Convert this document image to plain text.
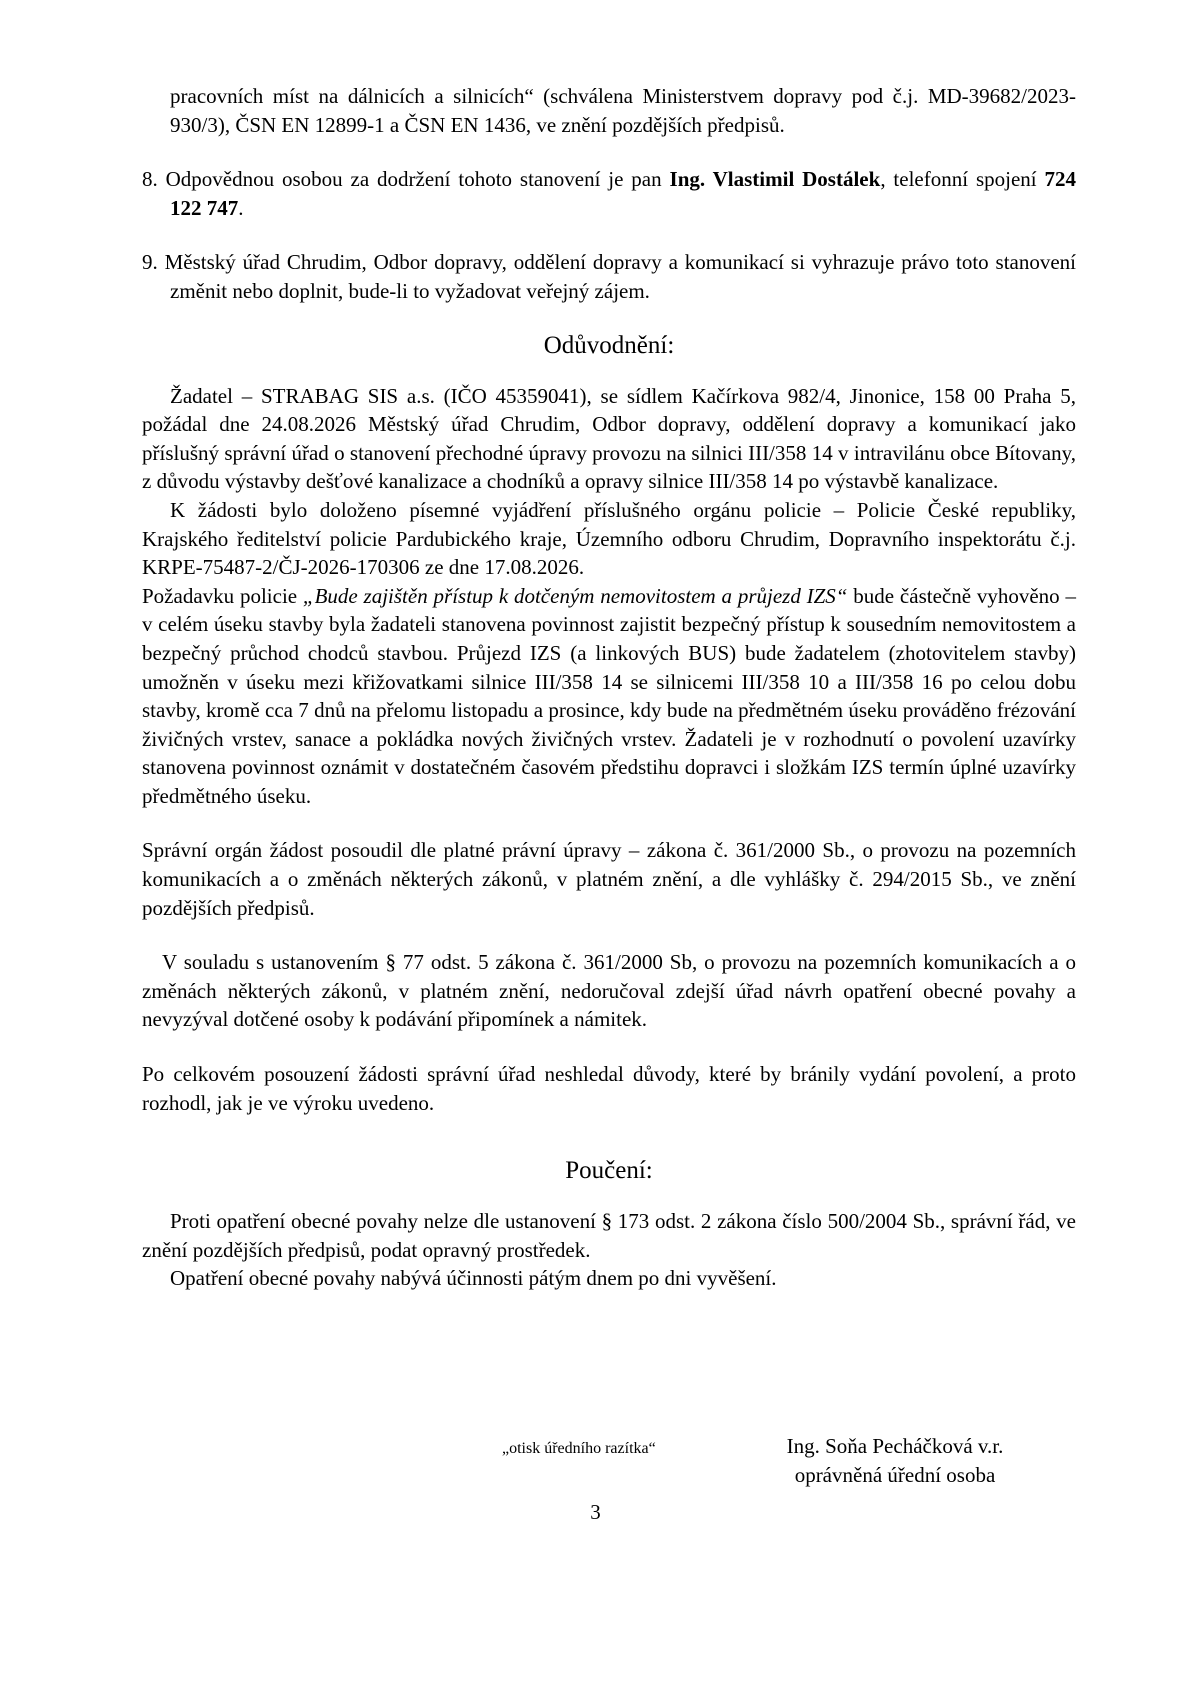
pracovních míst na dálnicích a silnicích“ (schválena Ministerstvem dopravy pod č.j. MD-39682/2023-930/3), ČSN EN 12899-1 a ČSN EN 1436, ve znění pozdějších předpisů.

8. Odpovědnou osobou za dodržení tohoto stanovení je pan Ing. Vlastimil Dostálek, telefonní spojení 724 122 747.

9. Městský úřad Chrudim, Odbor dopravy, oddělení dopravy a komunikací si vyhrazuje právo toto stanovení změnit nebo doplnit, bude-li to vyžadovat veřejný zájem.

Odůvodnění:

Žadatel – STRABAG SIS a.s. (IČO 45359041), se sídlem Kačírkova 982/4, Jinonice, 158 00 Praha 5, požádal dne 24.08.2026 Městský úřad Chrudim, Odbor dopravy, oddělení dopravy a komunikací jako příslušný správní úřad o stanovení přechodné úpravy provozu na silnici III/358 14 v intravilánu obce Bítovany, z důvodu výstavby dešťové kanalizace a chodníků a opravy silnice III/358 14 po výstavbě kanalizace.

K žádosti bylo doloženo písemné vyjádření příslušného orgánu policie – Policie České republiky, Krajského ředitelství policie Pardubického kraje, Územního odboru Chrudim, Dopravního inspektorátu č.j. KRPE-75487-2/ČJ-2026-170306 ze dne 17.08.2026.

Požadavku policie „Bude zajištěn přístup k dotčeným nemovitostem a průjezd IZS“ bude částečně vyhověno – v celém úseku stavby byla žadateli stanovena povinnost zajistit bezpečný přístup k sousedním nemovitostem a bezpečný průchod chodců stavbou. Průjezd IZS (a linkových BUS) bude žadatelem (zhotovitelem stavby) umožněn v úseku mezi křižovatkami silnice III/358 14 se silnicemi III/358 10 a III/358 16 po celou dobu stavby, kromě cca 7 dnů na přelomu listopadu a prosince, kdy bude na předmětném úseku prováděno frézování živičných vrstev, sanace a pokládka nových živičných vrstev. Žadateli je v rozhodnutí o povolení uzavírky stanovena povinnost oznámit v dostatečném časovém předstihu dopravci i složkám IZS termín úplné uzavírky předmětného úseku.

Správní orgán žádost posoudil dle platné právní úpravy – zákona č. 361/2000 Sb., o provozu na pozemních komunikacích a o změnách některých zákonů, v platném znění, a dle vyhlášky č. 294/2015 Sb., ve znění pozdějších předpisů.

V souladu s ustanovením § 77 odst. 5 zákona č. 361/2000 Sb, o provozu na pozemních komunikacích a o změnách některých zákonů, v platném znění, nedoručoval zdejší úřad návrh opatření obecné povahy a nevyzýval dotčené osoby k podávání připomínek a námitek.

Po celkovém posouzení žádosti správní úřad neshledal důvody, které by bránily vydání povolení, a proto rozhodl, jak je ve výroku uvedeno.

Poučení:

Proti opatření obecné povahy nelze dle ustanovení § 173 odst. 2 zákona číslo 500/2004 Sb., správní řád, ve znění pozdějších předpisů, podat opravný prostředek.

Opatření obecné povahy nabývá účinnosti pátým dnem po dni vyvěšení.

„otisk úředního razítka“	Ing. Soňa Pecháčková v.r.
oprávněná úřední osoba
3
